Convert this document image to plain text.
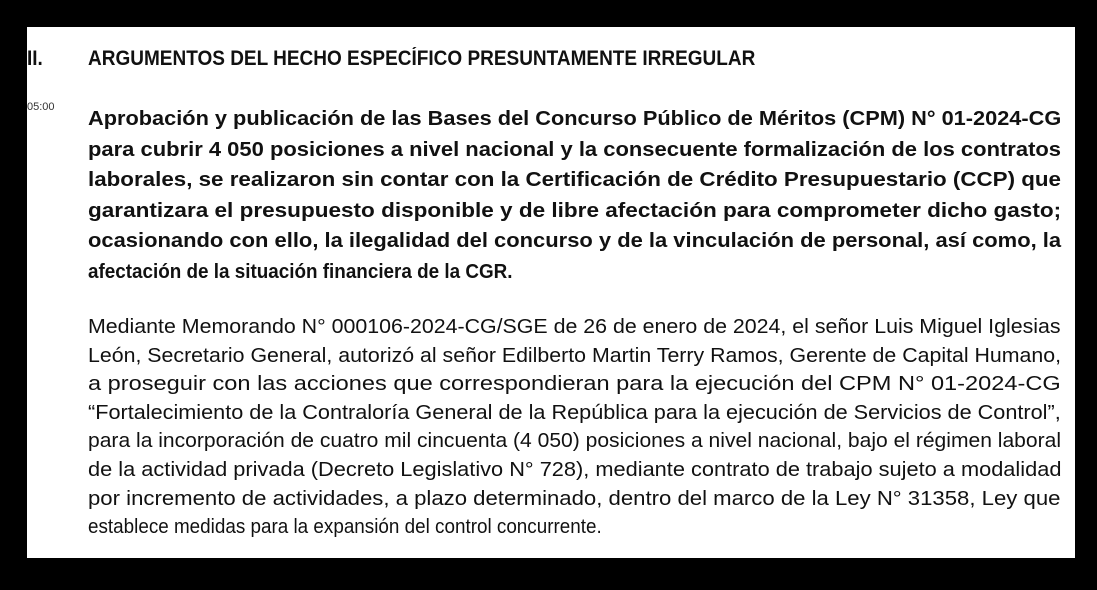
II. ARGUMENTOS DEL HECHO ESPECÍFICO PRESUNTAMENTE IRREGULAR
05:00 Aprobación y publicación de las Bases del Concurso Público de Méritos (CPM) N° 01-2024-CG
para cubrir 4 050 posiciones a nivel nacional y la consecuente formalización de los contratos
laborales, se realizaron sin contar con la Certificación de Crédito Presupuestario (CCP) que
garantizara el presupuesto disponible y de libre afectación para comprometer dicho gasto;
ocasionando con ello, la ilegalidad del concurso y de la vinculación de personal, así como, la
afectación de la situación financiera de la CGR.
Mediante Memorando N° 000106-2024-CG/SGE de 26 de enero de 2024, el señor Luis Miguel Iglesias
León, Secretario General, autorizó al señor Edilberto Martin Terry Ramos, Gerente de Capital Humano,
a proseguir con las acciones que correspondieran para la ejecución del CPM N° 01-2024-CG
“Fortalecimiento de la Contraloría General de la República para la ejecución de Servicios de Control”,
para la incorporación de cuatro mil cincuenta (4 050) posiciones a nivel nacional, bajo el régimen laboral
de la actividad privada (Decreto Legislativo N° 728), mediante contrato de trabajo sujeto a modalidad
por incremento de actividades, a plazo determinado, dentro del marco de la Ley N° 31358, Ley que
establece medidas para la expansión del control concurrente.
